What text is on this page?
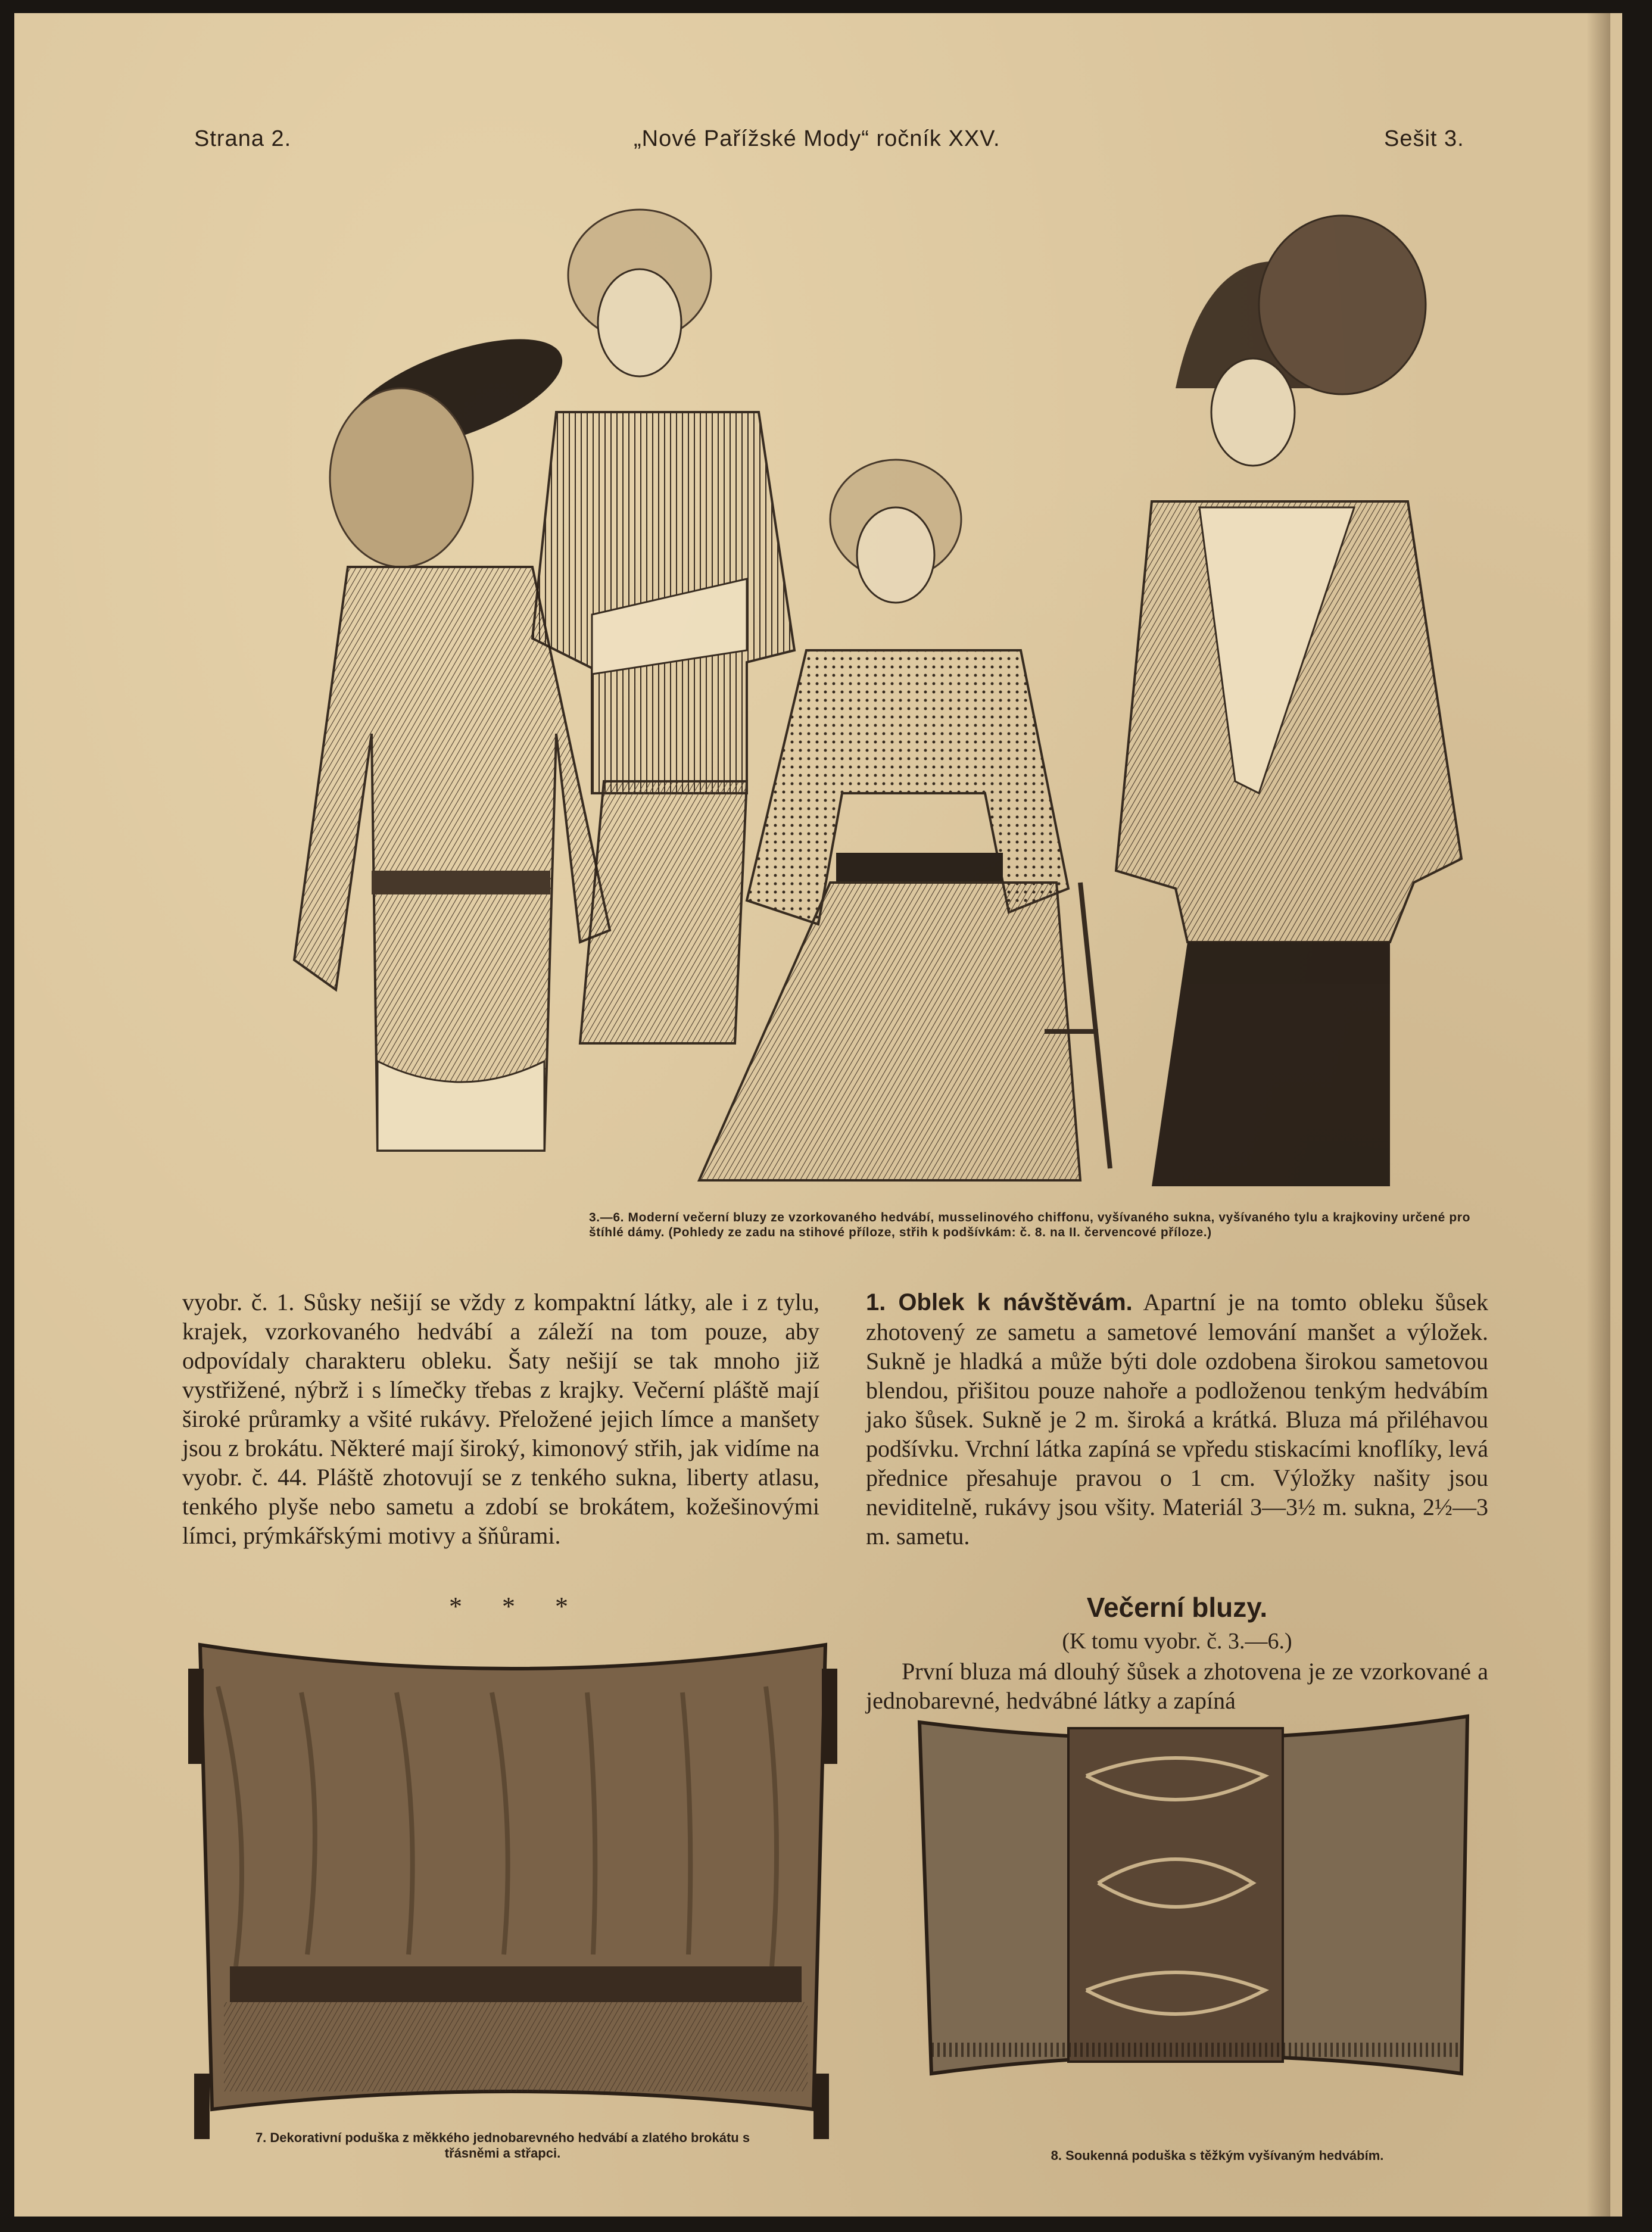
Strana 2.	„Nové Pařížské Mody“ ročník XXV.	Sešit 3.
3.—6. Moderní večerní bluzy ze vzorkovaného hedvábí, musselinového chiffonu, vyšívaného sukna, vyšívaného tylu a krajkoviny určené pro štíhlé dámy. (Pohledy ze zadu na stihové příloze, střih k podšívkám: č. 8. na II. červencové příloze.)
vyobr. č. 1. Sůsky nešijí se vždy z kompaktní látky, ale i z tylu, krajek, vzorkovaného hedvábí a záleží na tom pouze, aby odpovídaly charakteru obleku. Šaty nešijí se tak mnoho již vystřižené, nýbrž i s límečky třebas z krajky. Večerní pláště mají široké průramky a všité rukávy. Přeložené jejich límce a manšety jsou z brokátu. Některé mají široký, kimonový střih, jak vidíme na vyobr. č. 44. Pláště zhotovují se z tenkého sukna, liberty atlasu, tenkého plyše nebo sametu a zdobí se brokátem, kožešinovými límci, prýmkářskými motivy a šňůrami.
* * *
1. Oblek k návštěvám. Apartní je na tomto obleku šůsek zhotovený ze sametu a sametové lemování manšet a výložek. Sukně je hladká a může býti dole ozdobena širokou sametovou blendou, přišitou pouze nahoře a podloženou tenkým hedvábím jako šůsek. Sukně je 2 m. široká a krátká. Bluza má přiléhavou podšívku. Vrchní látka zapíná se vpředu stiskacími knoflíky, levá přednice přesahuje pravou o 1 cm. Výložky našity jsou neviditelně, rukávy jsou všity. Materiál 3—3½ m. sukna, 2½—3 m. sametu.
Večerní bluzy.
(K tomu vyobr. č. 3.—6.)
První bluza má dlouhý šůsek a zhotovena je ze vzorkované a jednobarevné, hedvábné látky a zapíná
7. Dekorativní poduška z měkkého jednobarevného hedvábí a zlatého brokátu s třásněmi a střapci.	8. Soukenná poduška s těžkým vyšívaným hedvábím.
